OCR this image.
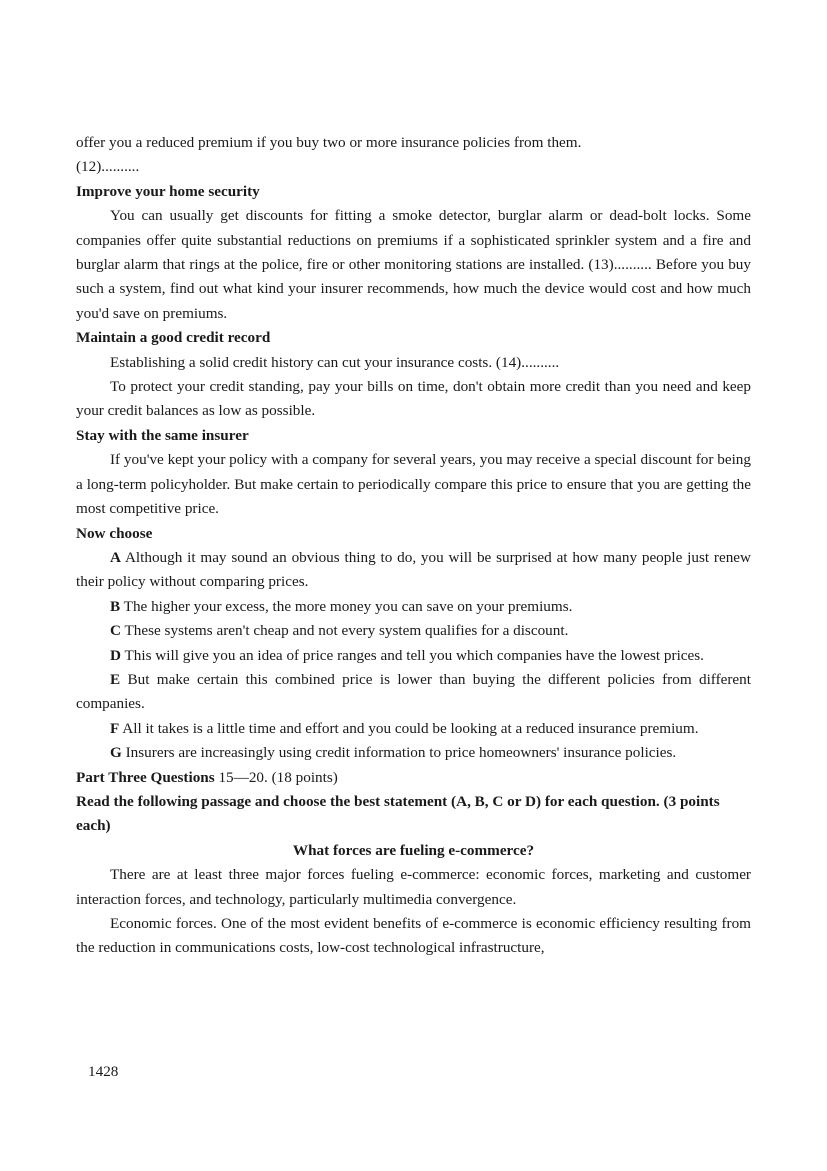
offer you a reduced premium if you buy two or more insurance policies from them.
(12)..........

Improve your home security

You can usually get discounts for fitting a smoke detector, burglar alarm or dead-bolt locks. Some companies offer quite substantial reductions on premiums if a sophisticated sprinkler system and a fire and burglar alarm that rings at the police, fire or other monitoring stations are installed. (13).......... Before you buy such a system, find out what kind your insurer recommends, how much the device would cost and how much you'd save on premiums.

Maintain a good credit record

Establishing a solid credit history can cut your insurance costs. (14)..........

To protect your credit standing, pay your bills on time, don't obtain more credit than you need and keep your credit balances as low as possible.

Stay with the same insurer

If you've kept your policy with a company for several years, you may receive a special discount for being a long-term policyholder. But make certain to periodically compare this price to ensure that you are getting the most competitive price.

Now choose

A Although it may sound an obvious thing to do, you will be surprised at how many people just renew their policy without comparing prices.

B The higher your excess, the more money you can save on your premiums.

C These systems aren't cheap and not every system qualifies for a discount.

D This will give you an idea of price ranges and tell you which companies have the lowest prices.

E But make certain this combined price is lower than buying the different policies from different companies.

F All it takes is a little time and effort and you could be looking at a reduced insurance premium.

G Insurers are increasingly using credit information to price homeowners' insurance policies.

Part Three Questions 15—20. (18 points)

Read the following passage and choose the best statement (A, B, C or D) for each question. (3 points each)

What forces are fueling e-commerce?

There are at least three major forces fueling e-commerce: economic forces, marketing and customer interaction forces, and technology, particularly multimedia convergence.

Economic forces. One of the most evident benefits of e-commerce is economic efficiency resulting from the reduction in communications costs, low-cost technological infrastructure,

1428
